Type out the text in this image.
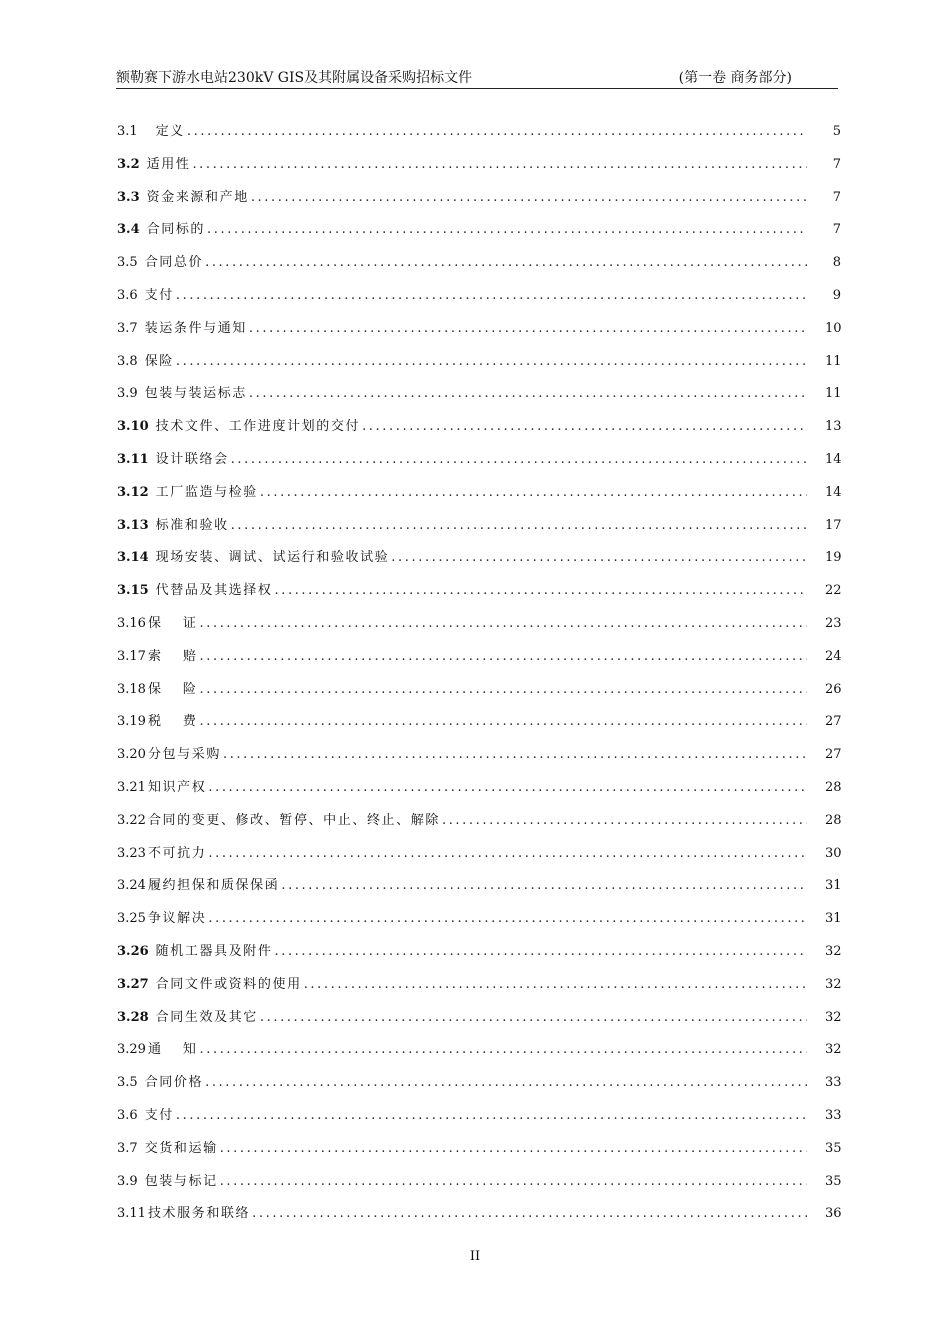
额勒赛下游水电站230kV GIS及其附属设备采购招标文件	(第一卷 商务部分)
3.1 定义 .....	5
3.2 适用性 .....	7
3.3 资金来源和产地 .....	7
3.4 合同标的 .....	7
3.5 合同总价 .....	8
3.6 支付 .....	9
3.7 装运条件与通知 .....	10
3.8 保险 .....	11
3.9 包装与装运标志 .....	11
3.10 技术文件、工作进度计划的交付 .....	13
3.11 设计联络会 .....	14
3.12 工厂监造与检验 .....	14
3.13 标准和验收 .....	17
3.14 现场安装、调试、试运行和验收试验 .....	19
3.15 代替品及其选择权 .....	22
3.16 保　 证 .....	23
3.17 索　 赔 .....	24
3.18 保　 险 .....	26
3.19 税　 费 .....	27
3.20 分包与采购 .....	27
3.21 知识产权 .....	28
3.22 合同的变更、修改、暂停、中止、终止、解除 .....	28
3.23 不可抗力 .....	30
3.24 履约担保和质保保函 .....	31
3.25 争议解决 .....	31
3.26 随机工器具及附件 .....	32
3.27 合同文件或资料的使用 .....	32
3.28 合同生效及其它 .....	32
3.29 通　 知 .....	32
3.5 合同价格 .....	33
3.6 支付 .....	33
3.7 交货和运输 .....	35
3.9 包装与标记 .....	35
3.11 技术服务和联络 .....	36
II
